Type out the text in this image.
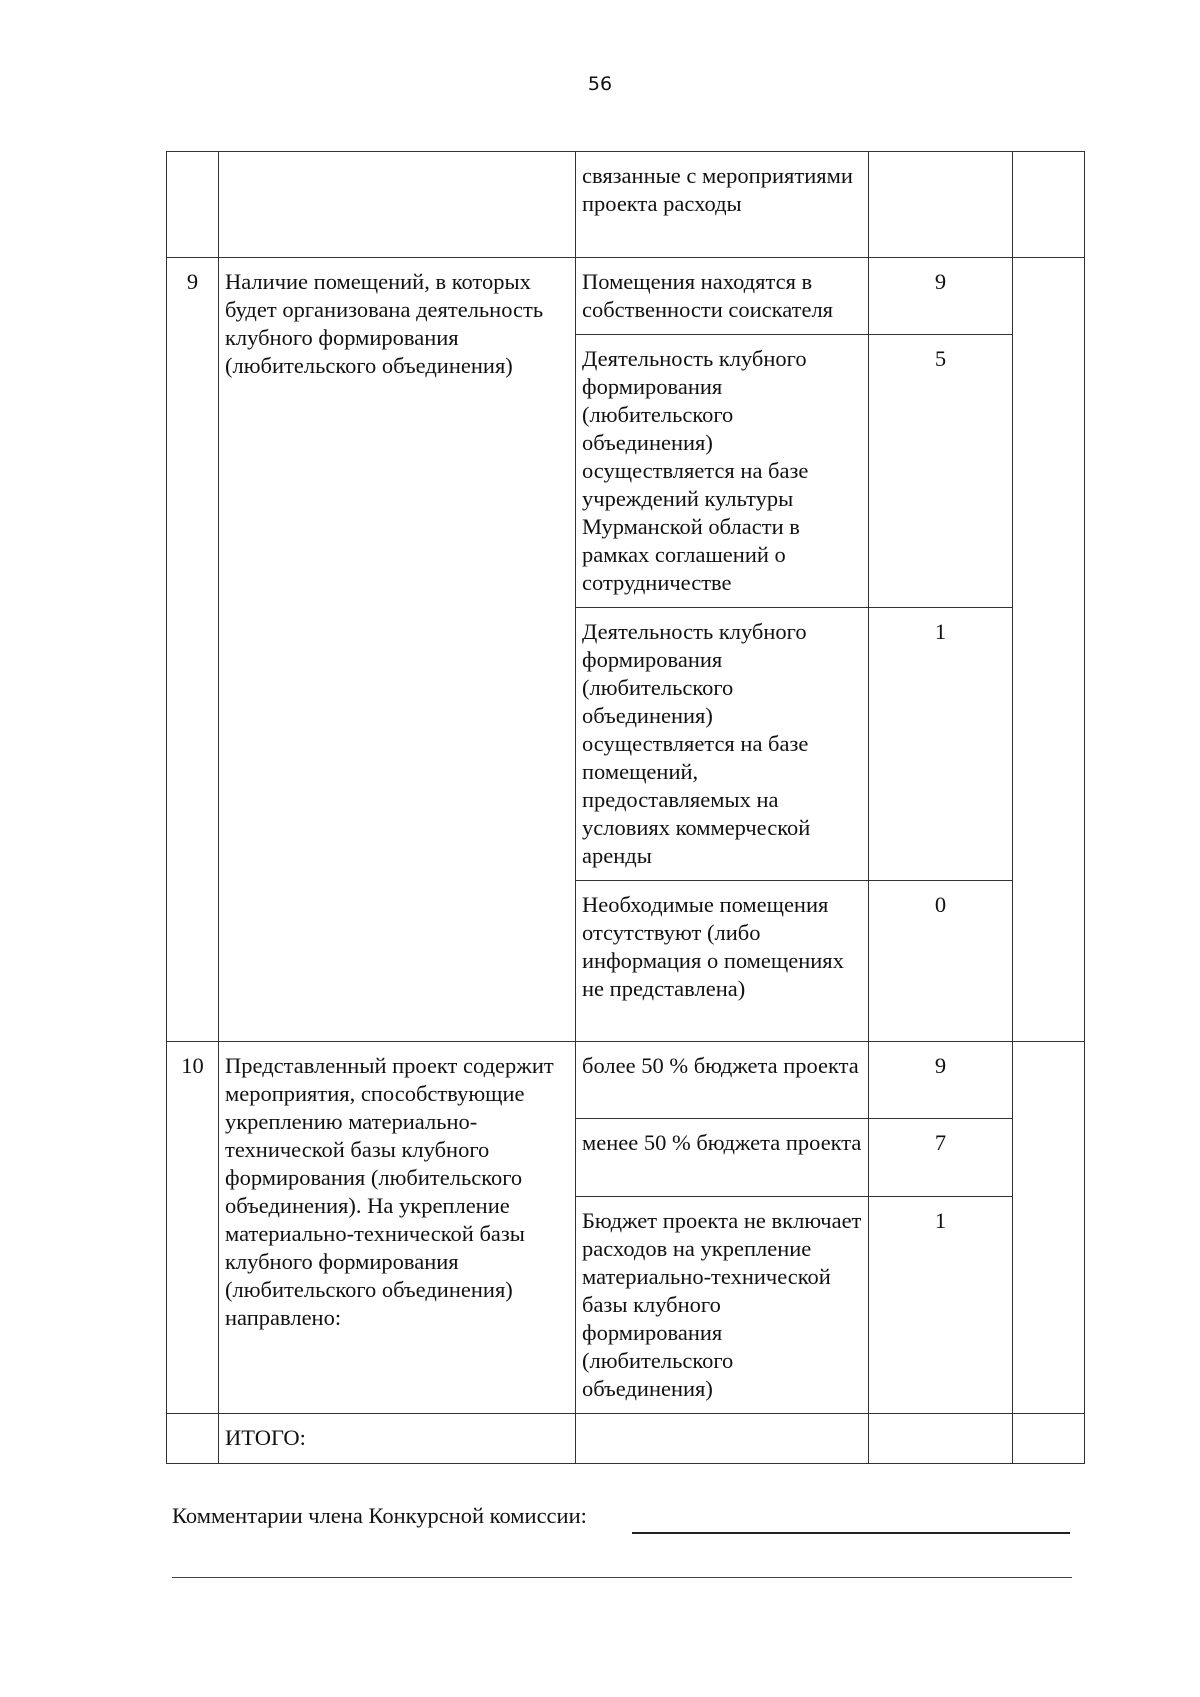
56
		связанные с мероприятиями проекта расходы		
9	Наличие помещений, в которых будет организована деятельность клубного формирования (любительского объединения)	Помещения находятся в собственности соискателя	9	
		Деятельность клубного формирования (любительского объединения) осуществляется на базе учреждений культуры Мурманской области в рамках соглашений о сотрудничестве	5	
		Деятельность клубного формирования (любительского объединения) осуществляется на базе помещений, предоставляемых на условиях коммерческой аренды	1	
		Необходимые помещения отсутствуют (либо информация о помещениях не представлена)	0	
10	Представленный проект содержит мероприятия, способствующие укреплению материально-технической базы клубного формирования (любительского объединения). На укрепление материально-технической базы клубного формирования (любительского объединения) направлено:	более 50 % бюджета проекта	9	
		менее 50 % бюджета проекта	7	
		Бюджет проекта не включает расходов на укрепление материально-технической базы клубного формирования (любительского объединения)	1	
	ИТОГО:			
Комментарии члена Конкурсной комиссии:
